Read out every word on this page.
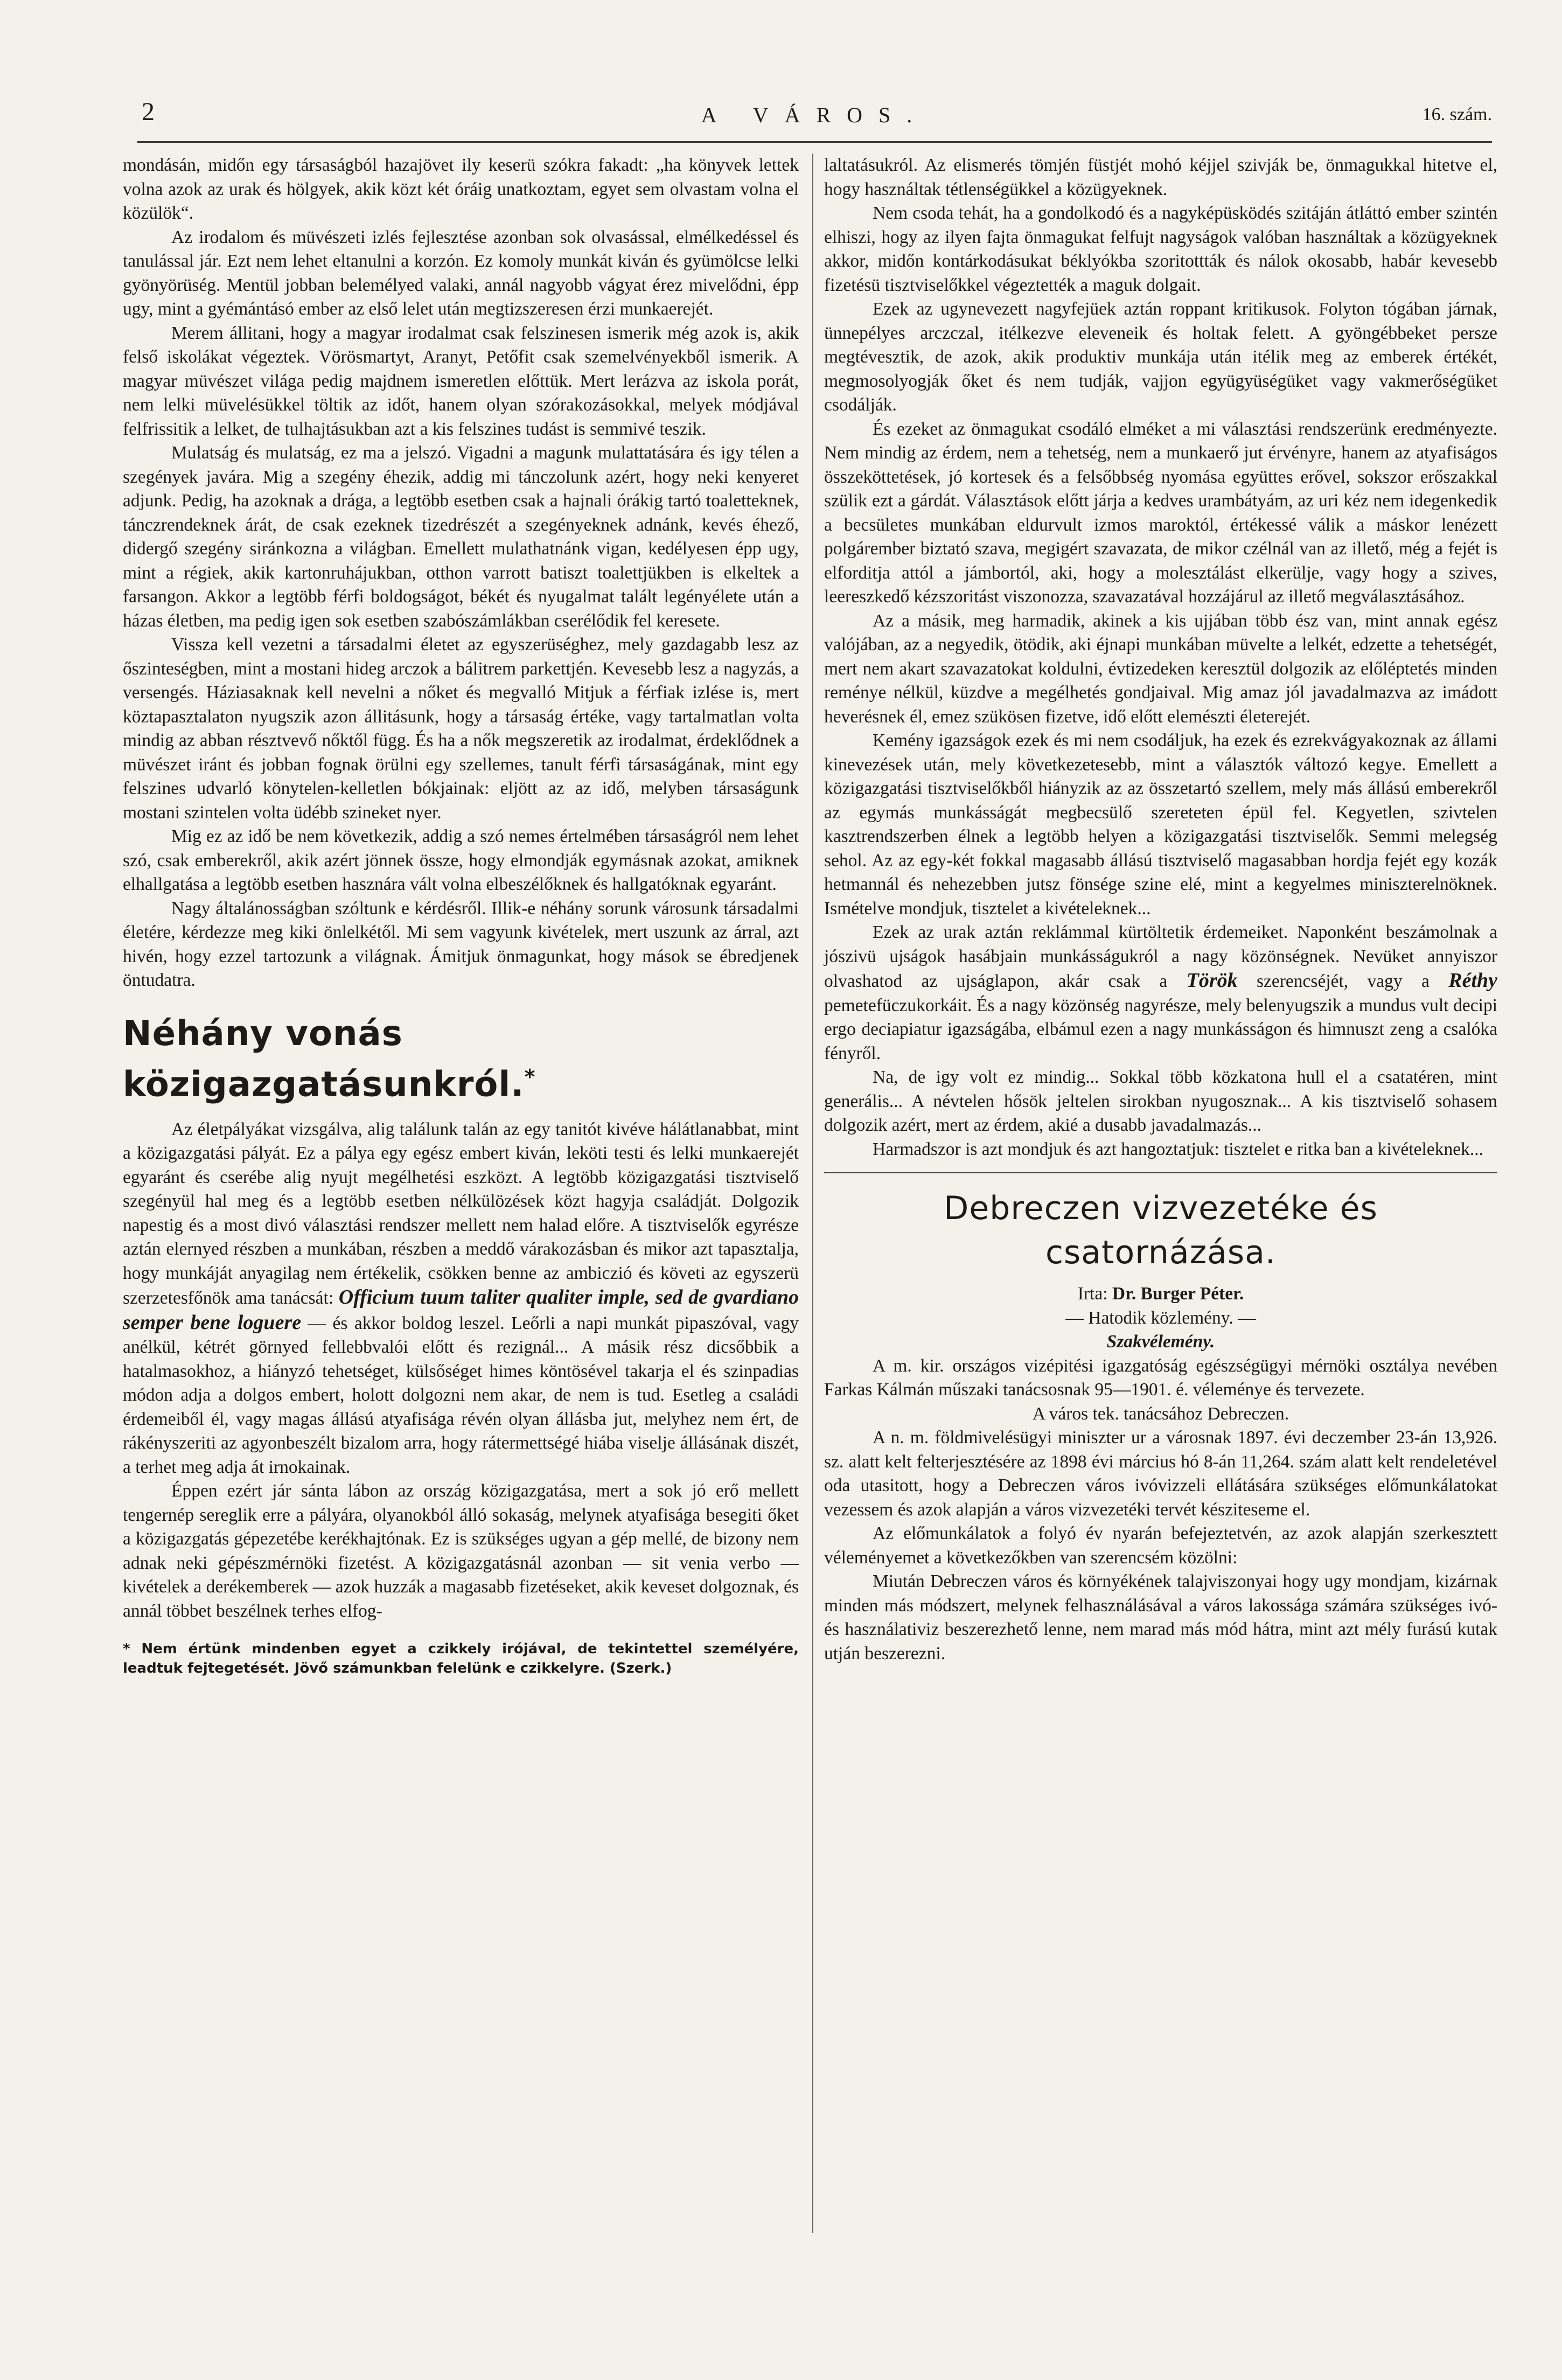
2	A VÁROS.	16. szám.

mondásán, midőn egy társaságból hazajövet ily keserü szókra fakadt: „ha könyvek lettek volna azok az urak és hölgyek, akik közt két óráig unatkoztam, egyet sem olvastam volna el közülök“.

Az irodalom és müvészeti izlés fejlesztése azonban sok olvasással, elmélkedéssel és tanulással jár. Ezt nem lehet eltanulni a korzón. Ez komoly munkát kiván és gyümölcse lelki gyönyörüség. Mentül jobban belemélyed valaki, annál nagyobb vágyat érez mivelődni, épp ugy, mint a gyémántásó ember az első lelet után megtizszeresen érzi munkaerejét.

Merem állitani, hogy a magyar irodalmat csak felszinesen ismerik még azok is, akik felső iskolákat végeztek. Vörösmartyt, Aranyt, Petőfit csak szemelvényekből ismerik. A magyar müvészet világa pedig majdnem ismeretlen előttük. Mert lerázva az iskola porát, nem lelki müvelésükkel töltik az időt, hanem olyan szórakozásokkal, melyek módjával felfrissitik a lelket, de tulhajtásukban azt a kis felszines tudást is semmivé teszik.

Mulatság és mulatság, ez ma a jelszó. Vigadni a magunk mulattatására és igy télen a szegények javára. Mig a szegény éhezik, addig mi tánczolunk azért, hogy neki kenyeret adjunk. Pedig, ha azoknak a drága, a legtöbb esetben csak a hajnali órákig tartó toaletteknek, tánczrendeknek árát, de csak ezeknek tizedrészét a szegényeknek adnánk, kevés éhező, didergő szegény siránkozna a világban. Emellett mulathatnánk vigan, kedélyesen épp ugy, mint a régiek, akik kartonruhájukban, otthon varrott batiszt toalettjükben is elkeltek a farsangon. Akkor a legtöbb férfi boldogságot, békét és nyugalmat talált legényélete után a házas életben, ma pedig igen sok esetben szabószámlákban cserélődik fel keresete.

Vissza kell vezetni a társadalmi életet az egyszerüséghez, mely gazdagabb lesz az őszinteségben, mint a mostani hideg arczok a bálitrem parkettjén. Kevesebb lesz a nagyzás, a versengés. Háziasaknak kell nevelni a nőket és megvalló Mitjuk a férfiak izlése is, mert köztapasztalaton nyugszik azon állitásunk, hogy a társaság értéke, vagy tartalmatlan volta mindig az abban résztvevő nőktől függ. És ha a nők megszeretik az irodalmat, érdeklődnek a müvészet iránt és jobban fognak örülni egy szellemes, tanult férfi társaságának, mint egy felszines udvarló könytelen-kelletlen bókjainak: eljött az az idő, melyben társaságunk mostani szintelen volta üdébb szineket nyer.

Mig ez az idő be nem következik, addig a szó nemes értelmében társaságról nem lehet szó, csak emberekről, akik azért jönnek össze, hogy elmondják egymásnak azokat, amiknek elhallgatása a legtöbb esetben hasznára vált volna elbeszélőknek és hallgatóknak egyaránt.

Nagy általánosságban szóltunk e kérdésről. Illik-e néhány sorunk városunk társadalmi életére, kérdezze meg kiki önlelkétől. Mi sem vagyunk kivételek, mert uszunk az árral, azt hivén, hogy ezzel tartozunk a világnak. Ámitjuk önmagunkat, hogy mások se ébredjenek öntudatra.

Néhány vonás közigazgatásunkról.*

Az életpályákat vizsgálva, alig találunk talán az egy tanitót kivéve hálátlanabbat, mint a közigazgatási pályát. Ez a pálya egy egész embert kiván, leköti testi és lelki munkaerejét egyaránt és cserébe alig nyujt megélhetési eszközt. A legtöbb közigazgatási tisztviselő szegényül hal meg és a legtöbb esetben nélkülözések közt hagyja családját. Dolgozik napestig és a most divó választási rendszer mellett nem halad előre. A tisztviselők egyrésze aztán elernyed részben a munkában, részben a meddő várakozásban és mikor azt tapasztalja, hogy munkáját anyagilag nem értékelik, csökken benne az ambiczió és követi az egyszerü szerzetesfőnök ama tanácsát: Officium tuum taliter qualiter imple, sed de gvardiano semper bene loguere — és akkor boldog leszel. Leőrli a napi munkát pipaszóval, vagy anélkül, kétrét görnyed fellebbvalói előtt és rezignál... A másik rész dicsőbbik a hatalmasokhoz, a hiányzó tehetséget, külsőséget himes köntösével takarja el és szinpadias módon adja a dolgos embert, holott dolgozni nem akar, de nem is tud. Esetleg a családi érdemeiből él, vagy magas állású atyafisága révén olyan állásba jut, melyhez nem ért, de rákényszeriti az agyonbeszélt bizalom arra, hogy rátermettségé hiába viselje állásának diszét, a terhet meg adja át irnokainak.

Éppen ezért jár sánta lábon az ország közigazgatása, mert a sok jó erő mellett tengernép sereglik erre a pályára, olyanokból álló sokaság, melynek atyafisága besegiti őket a közigazgatás gépezetébe kerékhajtónak. Ez is szükséges ugyan a gép mellé, de bizony nem adnak neki gépészmérnöki fizetést. A közigazgatásnál azonban — sit venia verbo — kivételek a derékemberek — azok huzzák a magasabb fizetéseket, akik keveset dolgoznak, és annál többet beszélnek terhes elfog-

* Nem értünk mindenben egyet a czikkely irójával, de tekintettel személyére, leadtuk fejtegetését. Jövő számunkban felelünk e czikkelyre. (Szerk.)

laltatásukról. Az elismerés tömjén füstjét mohó kéjjel szivják be, önmagukkal hitetve el, hogy használtak tétlenségükkel a közügyeknek.

Nem csoda tehát, ha a gondolkodó és a nagyképüsködés szitáján átláttó ember szintén elhiszi, hogy az ilyen fajta önmagukat felfujt nagyságok valóban használtak a közügyeknek akkor, midőn kontárkodásukat béklyókba szoritottták és nálok okosabb, habár kevesebb fizetésü tisztviselőkkel végeztették a maguk dolgait.

Ezek az ugynevezett nagyfejüek aztán roppant kritikusok. Folyton tógában járnak, ünnepélyes arczczal, itélkezve eleveneik és holtak felett. A gyöngébbeket persze megtévesztik, de azok, akik produktiv munkája után itélik meg az emberek értékét, megmosolyogják őket és nem tudják, vajjon együgyüségüket vagy vakmerőségüket csodálják.

És ezeket az önmagukat csodáló elméket a mi választási rendszerünk eredményezte. Nem mindig az érdem, nem a tehetség, nem a munkaerő jut érvényre, hanem az atyafiságos összeköttetések, jó kortesek és a felsőbbség nyomása együttes erővel, sokszor erőszakkal szülik ezt a gárdát. Választások előtt járja a kedves urambátyám, az uri kéz nem idegenkedik a becsületes munkában eldurvult izmos maroktól, értékessé válik a máskor lenézett polgárember biztató szava, megigért szavazata, de mikor czélnál van az illető, még a fejét is elforditja attól a jámbortól, aki, hogy a molesztálást elkerülje, vagy hogy a szives, leereszkedő kézszoritást viszonozza, szavazatával hozzájárul az illető megválasztásához.

Az a másik, meg harmadik, akinek a kis ujjában több ész van, mint annak egész valójában, az a negyedik, ötödik, aki éjnapi munkában müvelte a lelkét, edzette a tehetségét, mert nem akart szavazatokat koldulni, évtizedeken keresztül dolgozik az előléptetés minden reménye nélkül, küzdve a megélhetés gondjaival. Mig amaz jól javadalmazva az imádott heverésnek él, emez szükösen fizetve, idő előtt elemészti életerejét.

Kemény igazságok ezek és mi nem csodáljuk, ha ezek és ezrekvágyakoznak az állami kinevezések után, mely következetesebb, mint a választók változó kegye. Emellett a közigazgatási tisztviselőkből hiányzik az az összetartó szellem, mely más állású emberekről az egymás munkásságát megbecsülő szereteten épül fel. Kegyetlen, szivtelen kasztrendszerben élnek a legtöbb helyen a közigazgatási tisztviselők. Semmi melegség sehol. Az az egy-két fokkal magasabb állású tisztviselő magasabban hordja fejét egy kozák hetmannál és nehezebben jutsz fönsége szine elé, mint a kegyelmes miniszterelnöknek. Ismételve mondjuk, tisztelet a kivételeknek...

Ezek az urak aztán reklámmal kürtöltetik érdemeiket. Naponként beszámolnak a jószivü ujságok hasábjain munkásságukról a nagy közönségnek. Nevüket annyiszor olvashatod az ujságlapon, akár csak a Török szerencséjét, vagy a Réthy pemetefüczukorkáit. És a nagy közönség nagyrésze, mely belenyugszik a mundus vult decipi ergo deciapiatur igazságába, elbámul ezen a nagy munkásságon és himnuszt zeng a csalóka fényről.

Na, de igy volt ez mindig... Sokkal több közkatona hull el a csatatéren, mint generális... A névtelen hősök jeltelen sirokban nyugosznak... A kis tisztviselő sohasem dolgozik azért, mert az érdem, akié a dusabb javadalmazás...

Harmadszor is azt mondjuk és azt hangoztatjuk: tisztelet e ritka ban a kivételeknek...

Debreczen vizvezetéke és csatornázása.

Irta: Dr. Burger Péter.

— Hatodik közlemény. —

Szakvélemény.

A m. kir. országos vizépitési igazgatóság egészségügyi mérnöki osztálya nevében Farkas Kálmán műszaki tanácsosnak 95—1901. é. véleménye és tervezete.

A város tek. tanácsához Debreczen.

A n. m. földmivelésügyi miniszter ur a városnak 1897. évi deczember 23-án 13,926. sz. alatt kelt felterjesztésére az 1898 évi március hó 8-án 11,264. szám alatt kelt rendeletével oda utasitott, hogy a Debreczen város ivóvizzeli ellátására szükséges előmunkálatokat vezessem és azok alapján a város vizvezetéki tervét késziteseme el.

Az előmunkálatok a folyó év nyarán befejeztetvén, az azok alapján szerkesztett véleményemet a következőkben van szerencsém közölni:

Miután Debreczen város és környékének talajviszonyai hogy ugy mondjam, kizárnak minden más módszert, melynek felhasználásával a város lakossága számára szükséges ivó- és használativiz beszerezhető lenne, nem marad más mód hátra, mint azt mély furású kutak utján beszerezni.
